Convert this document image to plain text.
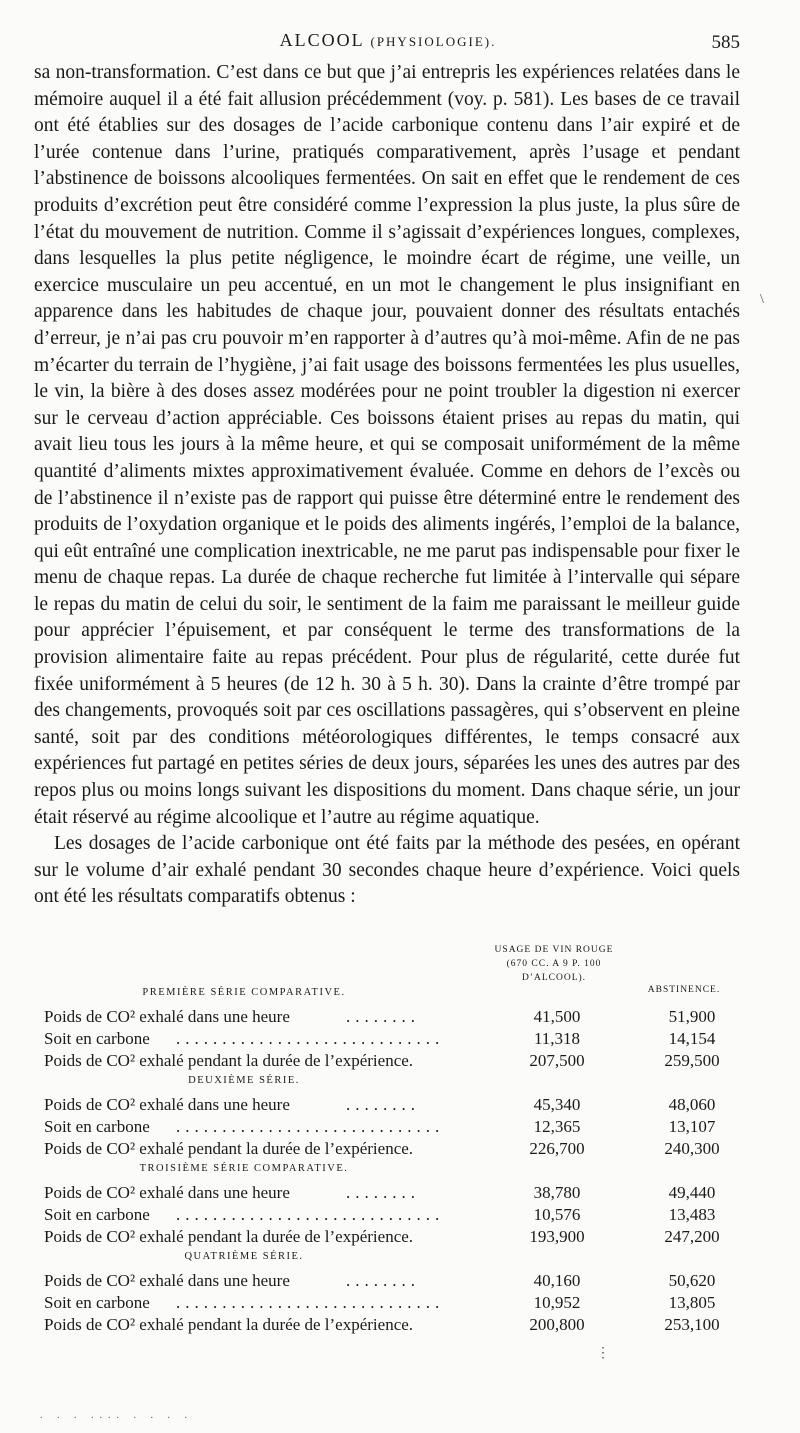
ALCOOL (PHYSIOLOGIE).	585

sa non-transformation. C’est dans ce but que j’ai entrepris les expériences relatées dans le mémoire auquel il a été fait allusion précédemment (voy. p. 581). Les bases de ce travail ont été établies sur des dosages de l’acide carbonique contenu dans l’air expiré et de l’urée contenue dans l’urine, pratiqués comparativement, après l’usage et pendant l’abstinence de boissons alcooliques fermentées. On sait en effet que le rendement de ces produits d’excrétion peut être considéré comme l’expression la plus juste, la plus sûre de l’état du mouvement de nutrition. Comme il s’agissait d’expériences longues, complexes, dans lesquelles la plus petite négligence, le moindre écart de régime, une veille, un exercice musculaire un peu accentué, en un mot le changement le plus insignifiant en apparence dans les habitudes de chaque jour, pouvaient donner des résultats entachés d’erreur, je n’ai pas cru pouvoir m’en rapporter à d’autres qu’à moi-même. Afin de ne pas m’écarter du terrain de l’hygiène, j’ai fait usage des boissons fermentées les plus usuelles, le vin, la bière à des doses assez modérées pour ne point troubler la digestion ni exercer sur le cerveau d’action appréciable. Ces boissons étaient prises au repas du matin, qui avait lieu tous les jours à la même heure, et qui se composait uniformément de la même quantité d’aliments mixtes approximativement évaluée. Comme en dehors de l’excès ou de l’abstinence il n’existe pas de rapport qui puisse être déterminé entre le rendement des produits de l’oxydation organique et le poids des aliments ingérés, l’emploi de la balance, qui eût entraîné une complication inextricable, ne me parut pas indispensable pour fixer le menu de chaque repas. La durée de chaque recherche fut limitée à l’intervalle qui sépare le repas du matin de celui du soir, le sentiment de la faim me paraissant le meilleur guide pour apprécier l’épuisement, et par conséquent le terme des transformations de la provision alimentaire faite au repas précédent. Pour plus de régularité, cette durée fut fixée uniformément à 5 heures (de 12 h. 30 à 5 h. 30). Dans la crainte d’être trompé par des changements, provoqués soit par ces oscillations passagères, qui s’observent en pleine santé, soit par des conditions météorologiques différentes, le temps consacré aux expériences fut partagé en petites séries de deux jours, séparées les unes des autres par des repos plus ou moins longs suivant les dispositions du moment. Dans chaque série, un jour était réservé au régime alcoolique et l’autre au régime aquatique.

Les dosages de l’acide carbonique ont été faits par la méthode des pesées, en opérant sur le volume d’air exhalé pendant 30 secondes chaque heure d’expérience. Voici quels ont été les résultats comparatifs obtenus :

USAGE DE VIN ROUGE (670 CC. A 9 P. 100 D’ALCOOL).
ABSTINENCE.
PREMIÈRE SÉRIE COMPARATIVE.
Poids de CO² exhalé dans une heure	........	41,500	51,900
Soit en carbone .............................	11,318	14,154
Poids de CO² exhalé pendant la durée de l’expérience.	207,500	259,500
DEUXIÈME SÉRIE.
Poids de CO² exhalé dans une heure	........	45,340	48,060
Soit en carbone .............................	12,365	13,107
Poids de CO² exhalé pendant la durée de l’expérience.	226,700	240,300
TROISIÈME SÉRIE COMPARATIVE.
Poids de CO² exhalé dans une heure	........	38,780	49,440
Soit en carbone .............................	10,576	13,483
Poids de CO² exhalé pendant la durée de l’expérience.	193,900	247,200
QUATRIÈME SÉRIE.
Poids de CO² exhalé dans une heure	........	40,160	50,620
Soit en carbone .............................	10,952	13,805
Poids de CO² exhalé pendant la durée de l’expérience.	200,800	253,100
\
⋮
. . . .... . . . .
